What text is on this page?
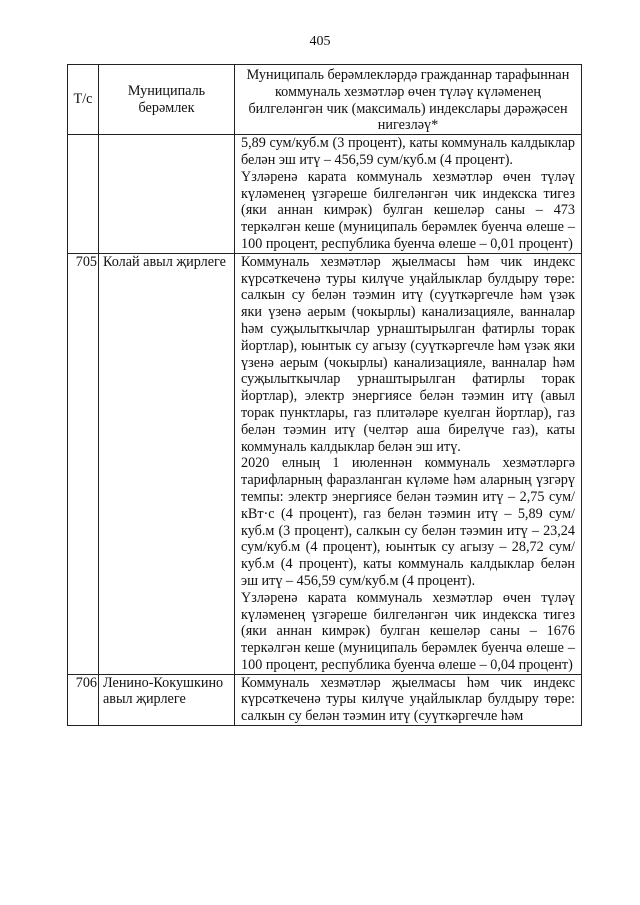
405
Т/с	Муниципаль берәмлек	Муниципаль берәмлекләрдә гражданнар тарафыннан коммуналь хезмәтләр өчен түләү күләменең билгеләнгән чик (максималь) индекслары дәрәҗәсен нигезләү*

		5,89 сум/куб.м (3 процент), каты коммуналь калдыклар белән эш итү – 456,59 сум/куб.м (4 процент).

Үзләренә карата коммуналь хезмәтләр өчен түләү күләменең үзгәреше билгеләнгән чик индекска тигез (яки аннан кимрәк) булган кешеләр саны – 473 теркәлгән кеше (муниципаль берәмлек буенча өлеше – 100 процент, республика буенча өлеше – 0,01 процент)

705	Колай авыл җирлеге	Коммуналь хезмәтләр җыелмасы һәм чик индекс күрсәткеченә туры килүче уңайлыклар булдыру төре: салкын су белән тәэмин итү (суүткәргечле һәм үзәк яки үзенә аерым (чокырлы) канализацияле, ванналар һәм суҗылыткычлар урнаштырылган фатирлы торак йортлар), юынтык су агызу (суүткәргечле һәм үзәк яки үзенә аерым (чокырлы) канализацияле, ванналар һәм суҗылыткычлар урнаштырылган фатирлы торак йортлар), электр энергиясе белән тәэмин итү (авыл торак пунктлары, газ плитәләре куелган йортлар), газ белән тәэмин итү (челтәр аша бирелүче газ), каты коммуналь калдыклар белән эш итү.

2020 елның 1 июленнән коммуналь хезмәтләргә тарифларның фаразланган күләме һәм аларның үзгәрү темпы: электр энергиясе белән тәэмин итү – 2,75 сум/кВт·с (4 процент), газ белән тәэмин итү – 5,89 сум/куб.м (3 процент), салкын су белән тәэмин итү – 23,24 сум/куб.м (4 процент), юынтык су агызу – 28,72 сум/куб.м (4 процент), каты коммуналь калдыклар белән эш итү – 456,59 сум/куб.м (4 процент).

Үзләренә карата коммуналь хезмәтләр өчен түләү күләменең үзгәреше билгеләнгән чик индекска тигез (яки аннан кимрәк) булган кешеләр саны – 1676 теркәлгән кеше (муниципаль берәмлек буенча өлеше – 100 процент, республика буенча өлеше – 0,04 процент)

706	Ленино-Кокушкино авыл җирлеге	Коммуналь хезмәтләр җыелмасы һәм чик индекс күрсәткеченә туры килүче уңайлыклар булдыру төре: салкын су белән тәэмин итү (суүткәргечле һәм
